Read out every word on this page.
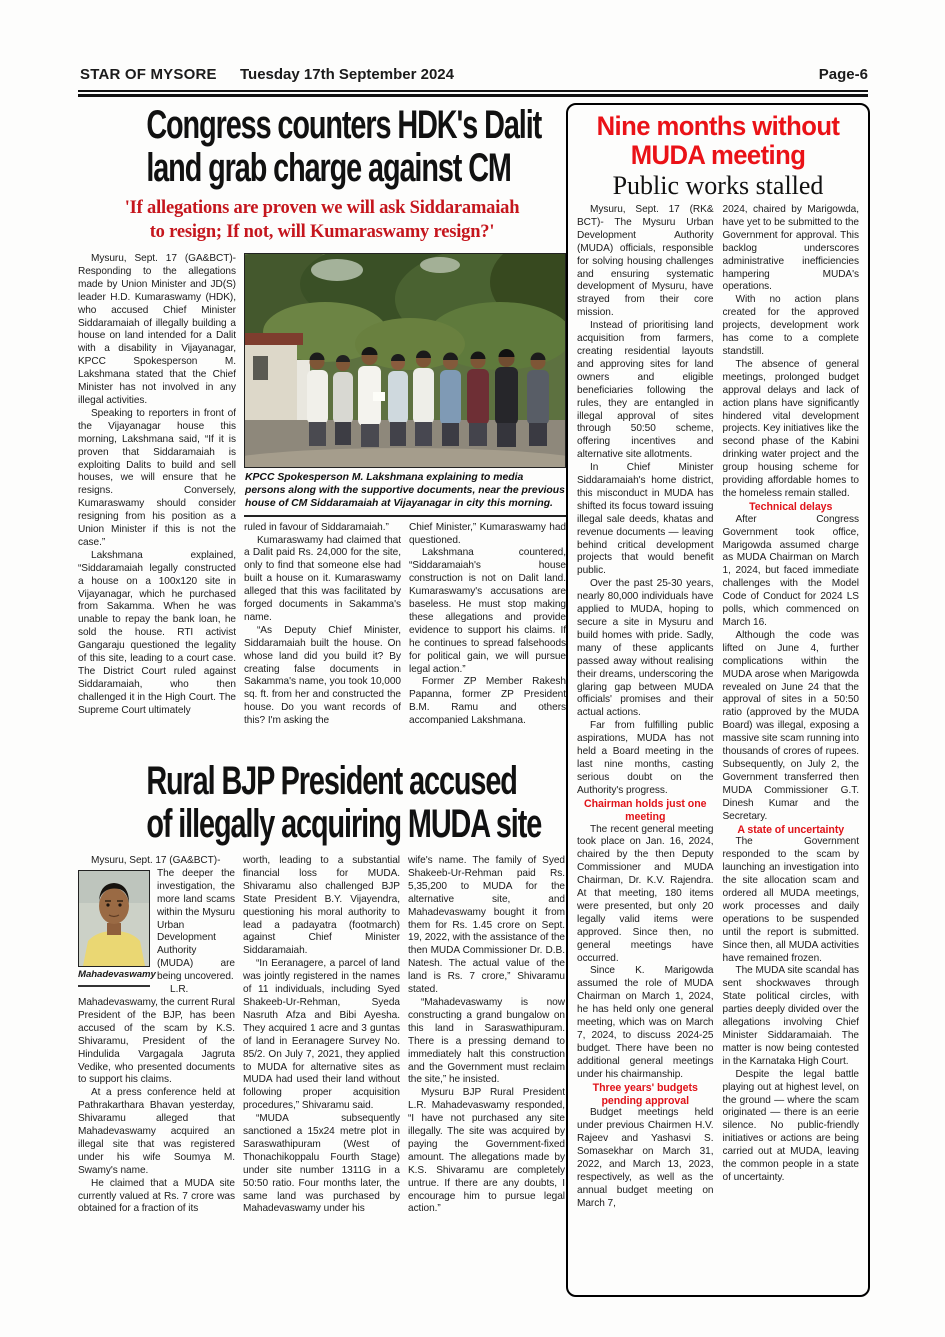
STAR OF MYSORE Tuesday 17th September 2024	Page-6
Congress counters HDK's Dalit
land grab charge against CM
'If allegations are proven we will ask Siddaramaiah
to resign; If not, will Kumaraswamy resign?'

Mysuru, Sept. 17 (GA&BCT)- Responding to the allegations made by Union Minister and JD(S) leader H.D. Kumaraswamy (HDK), who accused Chief Minister Siddaramaiah of illegally building a house on land intended for a Dalit with a disability in Vijayanagar, KPCC Spokesperson M. Lakshmana stated that the Chief Minister has not involved in any illegal activities.

Speaking to reporters in front of the Vijayanagar house this morning, Lakshmana said, “If it is proven that Siddaramaiah is exploiting Dalits to build and sell houses, we will ensure that he resigns. Conversely, Kumaraswamy should consider resigning from his position as a Union Minister if this is not the case.”

Lakshmana explained, “Siddaramaiah legally constructed a house on a 100x120 site in Vijayanagar, which he purchased from Sakamma. When he was unable to repay the bank loan, he sold the house. RTI activist Gangaraju questioned the legality of this site, leading to a court case. The District Court ruled against Siddaramaiah, who then challenged it in the High Court. The Supreme Court ultimately

KPCC Spokesperson M. Lakshmana explaining to media persons along with the supportive documents, near the previous house of CM Siddaramaiah at Vijayanagar in city this morning.

ruled in favour of Siddaramaiah.”

Kumaraswamy had claimed that a Dalit paid Rs. 24,000 for the site, only to find that someone else had built a house on it. Kumaraswamy alleged that this was facilitated by forged documents in Sakamma's name.

“As Deputy Chief Minister, Siddaramaiah built the house. On whose land did you build it? By creating false documents in Sakamma's name, you took 10,000 sq. ft. from her and constructed the house. Do you want records of this? I'm asking the

Chief Minister,” Kumaraswamy had questioned.

Lakshmana countered, “Siddaramaiah's house construction is not on Dalit land. Kumaraswamy's accusations are baseless. He must stop making these allegations and provide evidence to support his claims. If he continues to spread falsehoods for political gain, we will pursue legal action.”

Former ZP Member Rakesh Papanna, former ZP President B.M. Ramu and others accompanied Lakshmana.

Rural BJP President accused
of illegally acquiring MUDA site

Mysuru, Sept. 17 (GA&BCT)-

Mahadevaswamy

The deeper the investigation, the more land scams within the Mysuru Urban Development Authority (MUDA) are being uncovered.

L.R. Mahadevaswamy, the current Rural President of the BJP, has been accused of the scam by K.S. Shivaramu, President of the Hindulida Vargagala Jagruta Vedike, who presented documents to support his claims.

At a press conference held at Pathrakarthara Bhavan yesterday, Shivaramu alleged that Mahadevaswamy acquired an illegal site that was registered under his wife Soumya M. Swamy's name.

He claimed that a MUDA site currently valued at Rs. 7 crore was obtained for a fraction of its

worth, leading to a substantial financial loss for MUDA. Shivaramu also challenged BJP State President B.Y. Vijayendra, questioning his moral authority to lead a padayatra (footmarch) against Chief Minister Siddaramaiah.

“In Eeranagere, a parcel of land was jointly registered in the names of 11 individuals, including Syed Shakeeb-Ur-Rehman, Syeda Nasruth Afza and Bibi Ayesha. They acquired 1 acre and 3 guntas of land in Eeranagere Survey No. 85/2. On July 7, 2021, they applied to MUDA for alternative sites as MUDA had used their land without following proper acquisition procedures,” Shivaramu said.

“MUDA subsequently sanctioned a 15x24 metre plot in Saraswathipuram (West of Thonachikoppalu Fourth Stage) under site number 1311G in a 50:50 ratio. Four months later, the same land was purchased by Mahadevaswamy under his

wife's name. The family of Syed Shakeeb-Ur-Rehman paid Rs. 5,35,200 to MUDA for the alternative site, and Mahadevaswamy bought it from them for Rs. 1.45 crore on Sept. 19, 2022, with the assistance of the then MUDA Commissioner Dr. D.B. Natesh. The actual value of the land is Rs. 7 crore,” Shivaramu stated.

“Mahadevaswamy is now constructing a grand bungalow on this land in Saraswathipuram. There is a pressing demand to immediately halt this construction and the Government must reclaim the site,” he insisted.

Mysuru BJP Rural President L.R. Mahadevaswamy responded, “I have not purchased any site illegally. The site was acquired by paying the Government-fixed amount. The allegations made by K.S. Shivaramu are completely untrue. If there are any doubts, I encourage him to pursue legal action.”

Nine months without
MUDA meeting
Public works stalled

Mysuru, Sept. 17 (RK& BCT)- The Mysuru Urban Development Authority (MUDA) officials, responsible for solving housing challenges and ensuring systematic development of Mysuru, have strayed from their core mission.

Instead of prioritising land acquisition from farmers, creating residential layouts and approving sites for land owners and eligible beneficiaries following the rules, they are entangled in illegal approval of sites through 50:50 scheme, offering incentives and alternative site allotments.

In Chief Minister Siddaramaiah's home district, this misconduct in MUDA has shifted its focus toward issuing illegal sale deeds, khatas and revenue documents — leaving behind critical development projects that would benefit public.

Over the past 25-30 years, nearly 80,000 individuals have applied to MUDA, hoping to secure a site in Mysuru and build homes with pride. Sadly, many of these applicants passed away without realising their dreams, underscoring the glaring gap between MUDA officials' promises and their actual actions.

Far from fulfilling public aspirations, MUDA has not held a Board meeting in the last nine months, casting serious doubt on the Authority's progress.

Chairman holds just one meeting

The recent general meeting took place on Jan. 16, 2024, chaired by the then Deputy Commissioner and MUDA Chairman, Dr. K.V. Rajendra. At that meeting, 180 items were presented, but only 20 legally valid items were approved. Since then, no general meetings have occurred.

Since K. Marigowda assumed the role of MUDA Chairman on March 1, 2024, he has held only one general meeting, which was on March 7, 2024, to discuss 2024-25 budget. There have been no additional general meetings under his chairmanship.

Three years' budgets pending approval

Budget meetings held under previous Chairmen H.V. Rajeev and Yashasvi S. Somasekhar on March 31, 2022, and March 13, 2023, respectively, as well as the annual budget meeting on March 7,

2024, chaired by Marigowda, have yet to be submitted to the Government for approval. This backlog underscores administrative inefficiencies hampering MUDA's operations.

With no action plans created for the approved projects, development work has come to a complete standstill.

The absence of general meetings, prolonged budget approval delays and lack of action plans have significantly hindered vital development projects. Key initiatives like the second phase of the Kabini drinking water project and the group housing scheme for providing affordable homes to the homeless remain stalled.

Technical delays

After Congress Government took office, Marigowda assumed charge as MUDA Chairman on March 1, 2024, but faced immediate challenges with the Model Code of Conduct for 2024 LS polls, which commenced on March 16.

Although the code was lifted on June 4, further complications within the MUDA arose when Marigowda revealed on June 24 that the approval of sites in a 50:50 ratio (approved by the MUDA Board) was illegal, exposing a massive site scam running into thousands of crores of rupees. Subsequently, on July 2, the Government transferred then MUDA Commissioner G.T. Dinesh Kumar and the Secretary.

A state of uncertainty

The Government responded to the scam by launching an investigation into the site allocation scam and ordered all MUDA meetings, work processes and daily operations to be suspended until the report is submitted. Since then, all MUDA activities have remained frozen.

The MUDA site scandal has sent shockwaves through State political circles, with parties deeply divided over the allegations involving Chief Minister Siddaramaiah. The matter is now being contested in the Karnataka High Court.

Despite the legal battle playing out at highest level, on the ground — where the scam originated — there is an eerie silence. No public-friendly initiatives or actions are being carried out at MUDA, leaving the common people in a state of uncertainty.
